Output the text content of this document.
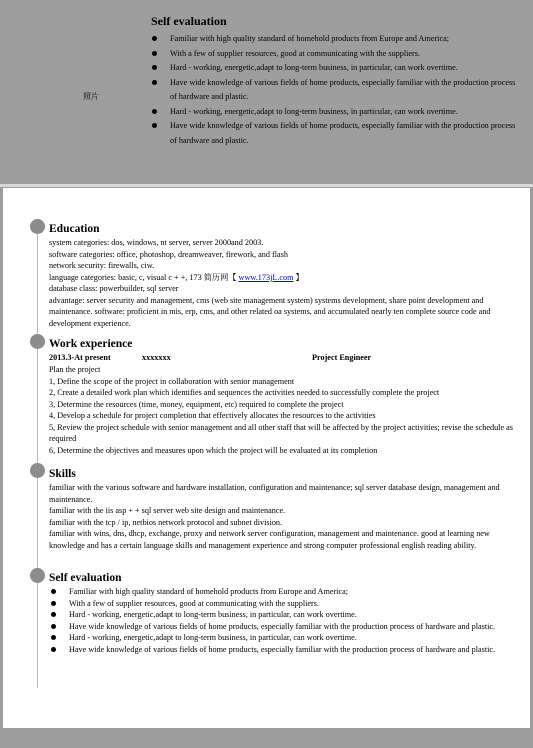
照片
Self evaluation
Familiar with high quality standard of homehold products from Europe and America;
With a few of supplier resources, good at communicating with the suppliers.
Hard - working, energetic,adapt to long-term business, in particular, can work overtime.
Have wide knowledge of various fields of home products, especially familiar with the production process of hardware and plastic.
Hard - working, energetic,adapt to long-term business, in particular, can work overtime.
Have wide knowledge of various fields of home products, especially familiar with the production process of hardware and plastic.
Education

system categories: dos, windows, nt server, server 2000and 2003.

software categories: office, photoshop, dreamweaver, firework, and flash

network security: firewalls, ciw.

language categories: basic, c, visual c + +, 173 简历网【 www.173jL.com 】

database class: powerbuilder, sql server

advantage: server security and management, cms (web site management system) systems development, share point development and maintenance. software: proficient in mis, erp, cms, and other related oa systems, and accumulated nearly ten complete source code and development experience.

Work experience
2013.3-At present	xxxxxxx	Project Engineer

Plan the project

1, Define the scope of the project in collaboration with senior management

2, Create a detailed work plan which identifies and sequences the activities needed to successfully complete the project

3, Determine the resources (time, money, equipment, etc) required to complete the project

4, Develop a schedule for project completion that effectively allocates the resources to the activities

5, Review the project schedule with senior management and all other staff that will be affected by the project activities; revise the schedule as required

6, Determine the objectives and measures upon which the project will be evaluated at its completion

Skills

familiar with the various software and hardware installation, configuration and maintenance; sql server database design, management and maintenance.

familiar with the iis asp + + sql server web site design and maintenance.

familiar with the tcp / ip, netbios network protocol and subnet division.

familiar with wins, dns, dhcp, exchange, proxy and network server configuration, management and maintenance. good at learning new knowledge and has a certain language skills and management experience and strong computer professional english reading ability.

Self evaluation
Familiar with high quality standard of homehold products from Europe and America;
With a few of supplier resources, good at communicating with the suppliers.
Hard - working, energetic,adapt to long-term business, in particular, can work overtime.
Have wide knowledge of various fields of home products, especially familiar with the production process of hardware and plastic.
Hard - working, energetic,adapt to long-term business, in particular, can work overtime.
Have wide knowledge of various fields of home products, especially familiar with the production process of hardware and plastic.
